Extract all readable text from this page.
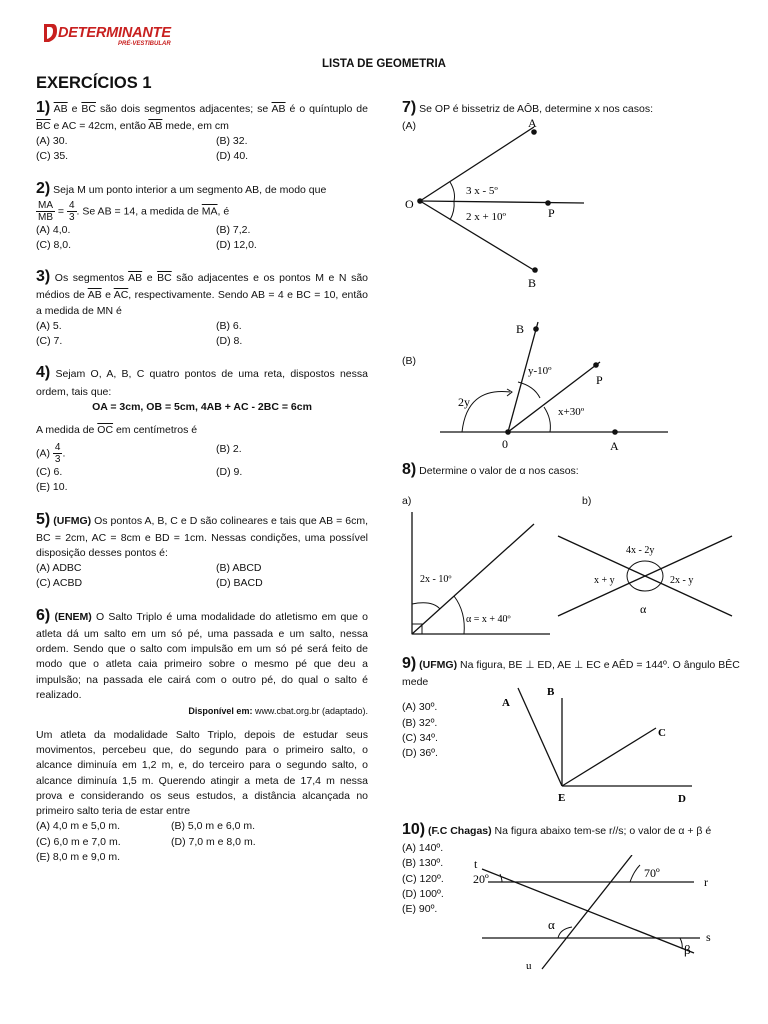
DETERMINANTE
PRÉ-VESTIBULAR
LISTA DE GEOMETRIA
EXERCÍCIOS 1
1) $\overline{AB}$ e $\overline{BC}$ são dois segmentos adjacentes; se $\overline{AB}$ é o quíntuplo de $\overline{BC}$ e AC = 42cm, então $\overline{AB}$ mede, em cm
(A) 30.	(B) 32.
(C) 35.	(D) 40.
2) Seja M um ponto interior a um segmento AB, de modo que

$\frac{MA}{MB} = \frac{4}{3}$ . Se AB = 14, a medida de $\overline{MA}$, é
(A) 4,0.	(B) 7,2.
(C) 8,0.	(D) 12,0.
3) Os segmentos $\overline{AB}$ e $\overline{BC}$ são adjacentes e os pontos M e N são médios de $\overline{AB}$ e $\overline{AC}$, respectivamente. Sendo AB = 4 e BC = 10, então a medida de MN é
(A) 5.	(B) 6.
(C) 7.	(D) 8.
4) Sejam O, A, B, C quatro pontos de uma reta, dispostos nessa ordem, tais que:
OA = 3cm, OB = 5cm, 4AB + AC - 2BC = 6cm
A medida de $\overline{OC}$ em centímetros é
$(A) \frac{4}{3}$ .	(B) 2.
(C) 6.	(D) 9.
(E) 10.
5) (UFMG) Os pontos A, B, C e D são colineares e tais que AB = 6cm, BC = 2cm, AC = 8cm e BD = 1cm. Nessas condições, uma possível disposição desses pontos é:
(A) ADBC	(B) ABCD
(C) ACBD	(D) BACD
6) (ENEM) O Salto Triplo é uma modalidade do atletismo em que o atleta dá um salto em um só pé, uma passada e um salto, nessa ordem. Sendo que o salto com impulsão em um só pé será feito de modo que o atleta caia primeiro sobre o mesmo pé que deu a impulsão; na passada ele cairá com o outro pé, do qual o salto é realizado.
Disponível em: www.cbat.org.br (adaptado).
Um atleta da modalidade Salto Triplo, depois de estudar seus movimentos, percebeu que, do segundo para o primeiro salto, o alcance diminuía em 1,2 m, e, do terceiro para o segundo salto, o alcance diminuía 1,5 m. Querendo atingir a meta de 17,4 m nessa prova e considerando os seus estudos, a distância alcançada no primeiro salto teria de estar entre
(A) 4,0 m e 5,0 m.	(B) 5,0 m e 6,0 m.
(C) 6,0 m e 7,0 m.	(D) 7,0 m e 8,0 m.
(E) 8,0 m e 9,0 m.
7) Se OP é bissetriz de AÔB, determine x nos casos:
(A)	A
O
P
B
3 x - 5º
2 x + 10º
(B)
B
P
0	A
y-10º
x+30º
2y
8) Determine o valor de α nos casos:
a)	b)
2x - 10º
α = x + 40º
4x - 2y
x + y	2x - y
α
9) (UFMG) Na figura, BE ⊥ ED, AE ⊥ EC e AÊD = 144º. O ângulo BÊC mede
(A) 30º.
(B) 32º.
(C) 34º.
(D) 36º.
B
A
C
E	D
10) (F.C Chagas) Na figura abaixo tem-se r//s; o valor de α + β é
(A) 140º.
(B) 130º.
(C) 120º.
(D) 100º.
(E) 90º.
t
20º	70º
r
α
s
β
u
